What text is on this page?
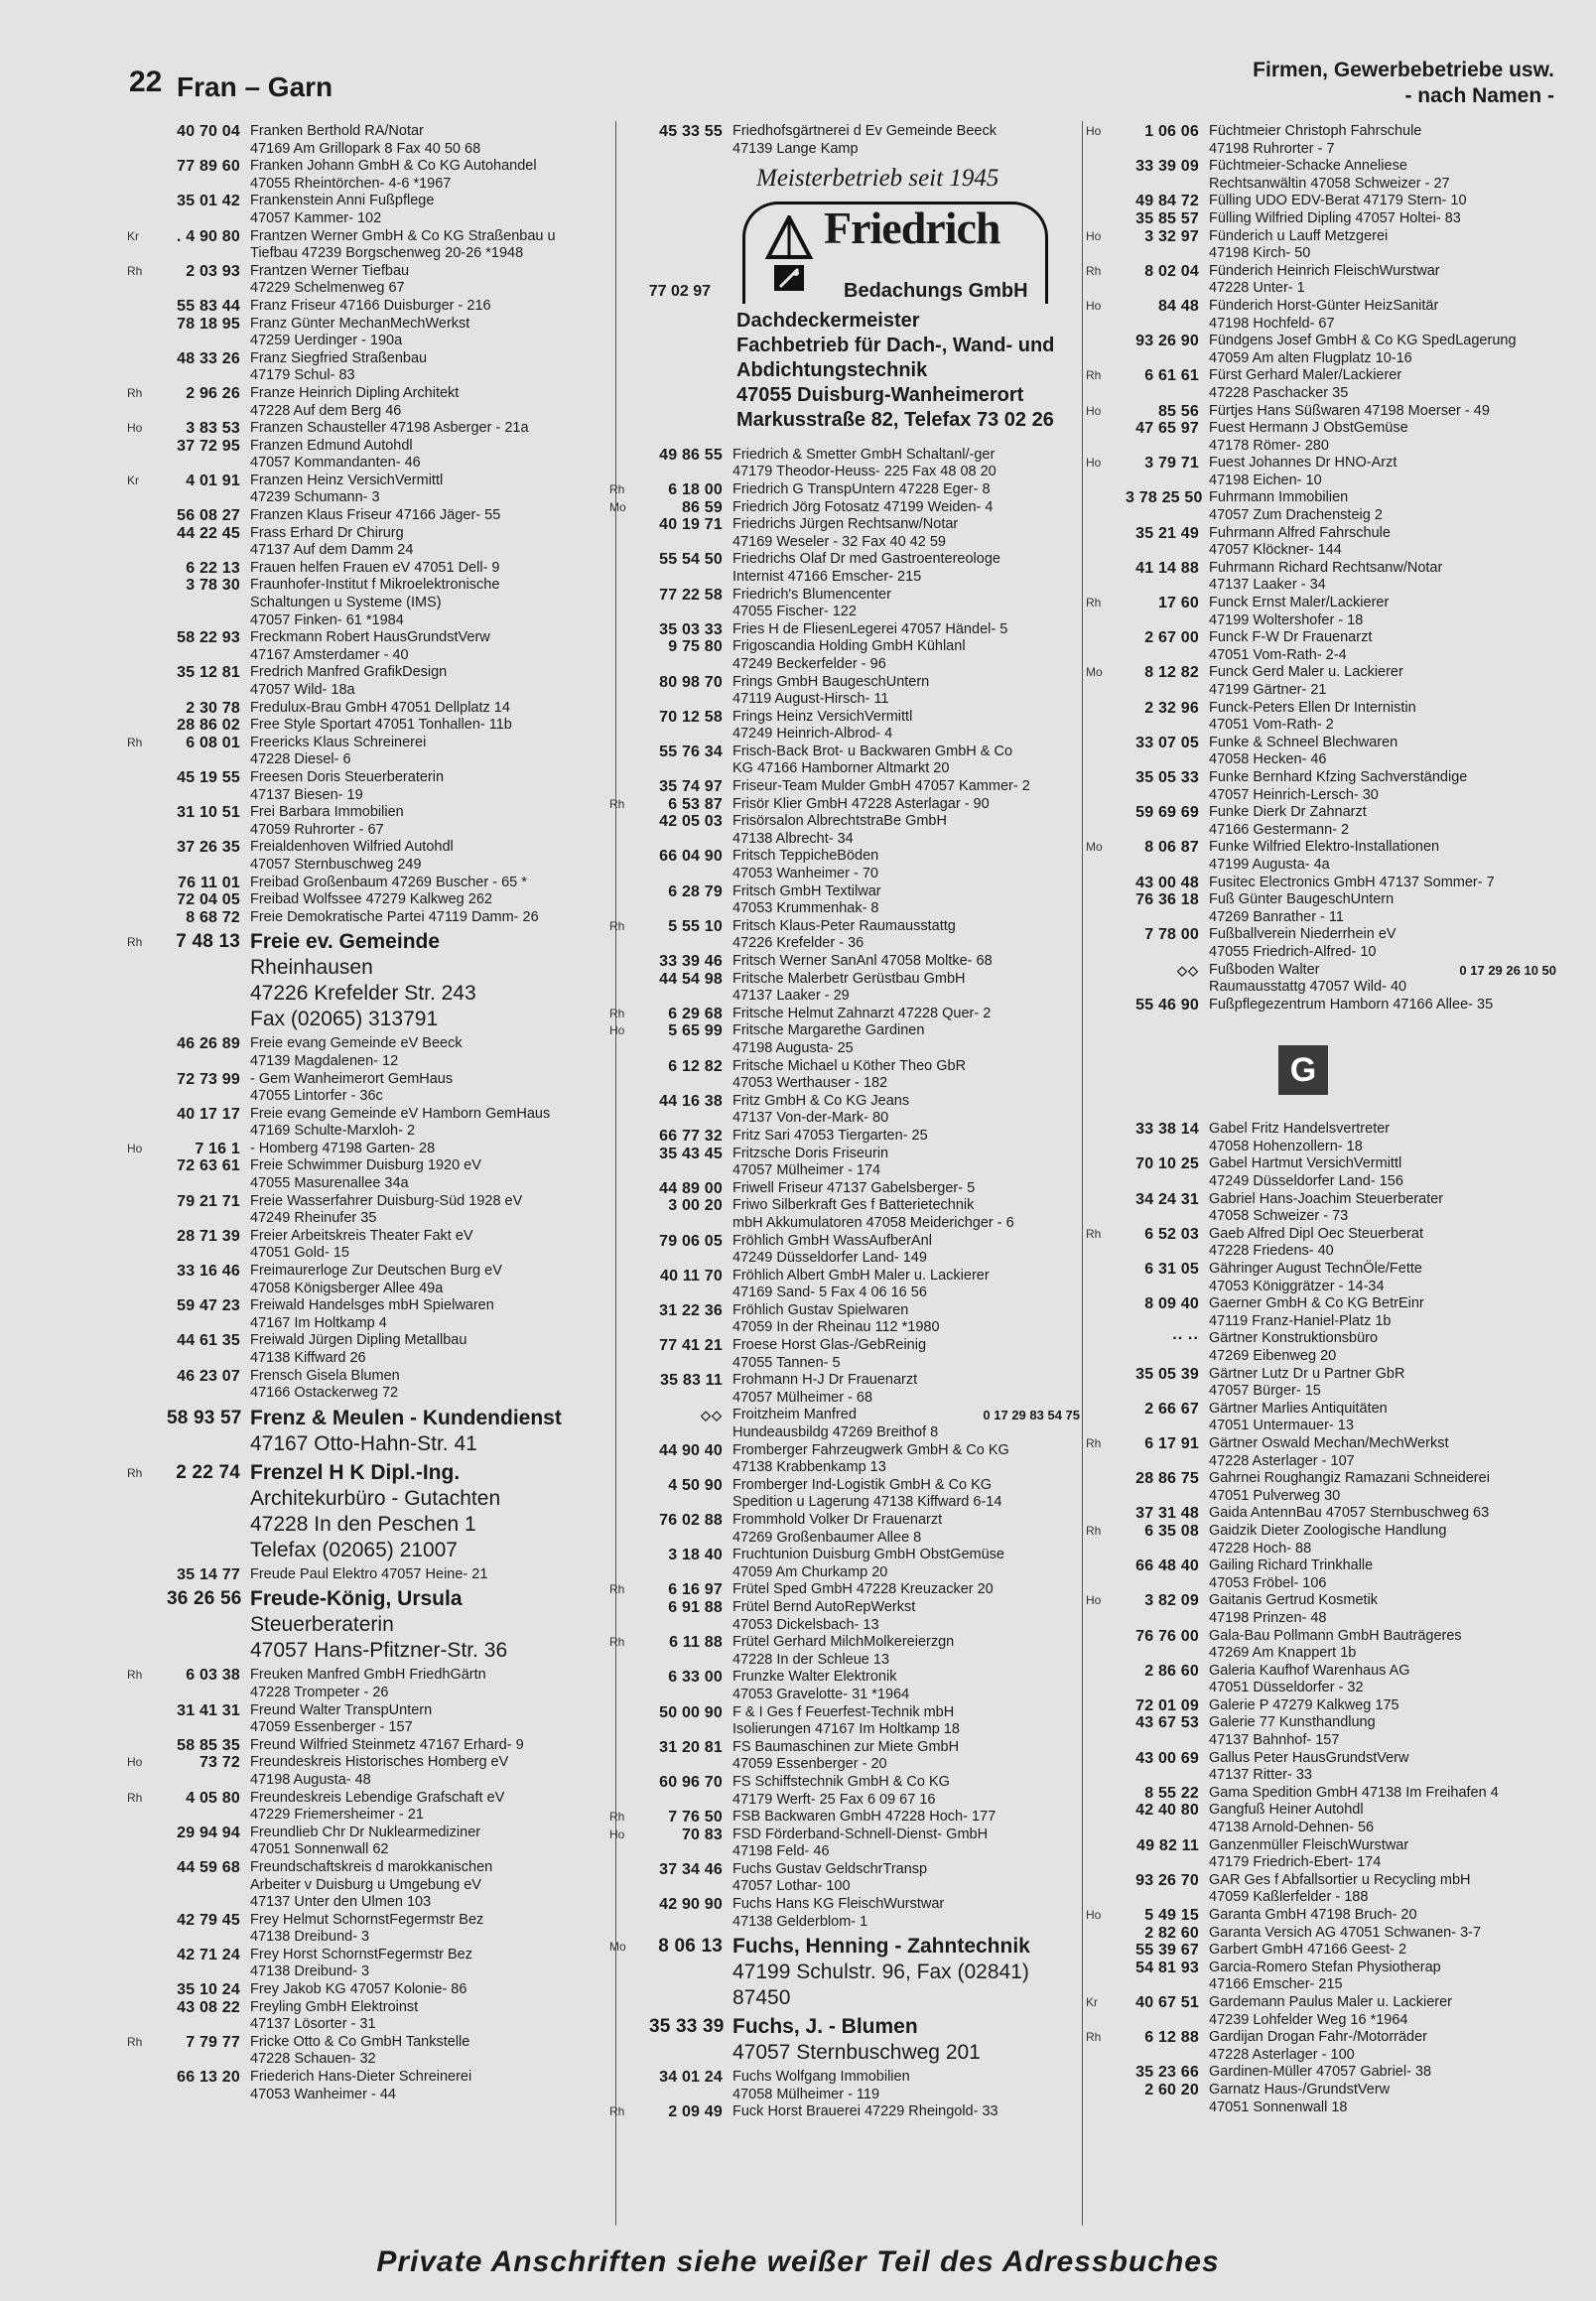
22 Fran – Garn
Firmen, Gewerbebetriebe usw.
- nach Namen -
40 70 04 Franken Berthold RA/Notar
47169 Am Grillopark 8 Fax 40 50 68
77 89 60 Franken Johann GmbH & Co KG Autohandel
47055 Rheintörchen- 4-6 *1967
35 01 42 Frankenstein Anni Fußpflege
47057 Kammer- 102
Kr	. 4 90 80 Frantzen Werner GmbH & Co KG Straßenbau u
Tiefbau 47239 Borgschenweg 20-26 *1948
Rh	2 03 93 Frantzen Werner Tiefbau
47229 Schelmenweg 67
55 83 44 Franz Friseur 47166 Duisburger - 216
78 18 95 Franz Günter MechanMechWerkst
47259 Uerdinger - 190a
48 33 26 Franz Siegfried Straßenbau
47179 Schul- 83
Rh	2 96 26 Franze Heinrich Dipling Architekt
47228 Auf dem Berg 46
Ho	3 83 53 Franzen Schausteller 47198 Asberger - 21a
37 72 95 Franzen Edmund Autohdl
47057 Kommandanten- 46
Kr	4 01 91 Franzen Heinz VersichVermittl
47239 Schumann- 3
56 08 27 Franzen Klaus Friseur 47166 Jäger- 55
44 22 45 Frass Erhard Dr Chirurg
47137 Auf dem Damm 24
6 22 13 Frauen helfen Frauen eV 47051 Dell- 9
3 78 30 Fraunhofer-Institut f Mikroelektronische
Schaltungen u Systeme (IMS)
47057 Finken- 61 *1984
58 22 93 Freckmann Robert HausGrundstVerw
47167 Amsterdamer - 40
35 12 81 Fredrich Manfred GrafikDesign
47057 Wild- 18a
2 30 78 Fredulux-Brau GmbH 47051 Dellplatz 14
28 86 02 Free Style Sportart 47051 Tonhallen- 11b
Rh	6 08 01 Freericks Klaus Schreinerei
47228 Diesel- 6
45 19 55 Freesen Doris Steuerberaterin
47137 Biesen- 19
31 10 51 Frei Barbara Immobilien
47059 Ruhrorter - 67
37 26 35 Freialdenhoven Wilfried Autohdl
47057 Sternbuschweg 249
76 11 01 Freibad Großenbaum 47269 Buscher - 65 *
72 04 05 Freibad Wolfssee 47279 Kalkweg 262
8 68 72 Freie Demokratische Partei 47119 Damm- 26
Rh	7 48 13 Freie ev. Gemeinde
Rheinhausen
47226 Krefelder Str. 243
Fax (02065) 313791
46 26 89 Freie evang Gemeinde eV Beeck
47139 Magdalenen- 12
72 73 99 - Gem Wanheimerort GemHaus
47055 Lintorfer - 36c
40 17 17 Freie evang Gemeinde eV Hamborn GemHaus
47169 Schulte-Marxloh- 2
Ho	7 16 1 - Homberg 47198 Garten- 28
72 63 61 Freie Schwimmer Duisburg 1920 eV
47055 Masurenallee 34a
79 21 71 Freie Wasserfahrer Duisburg-Süd 1928 eV
47249 Rheinufer 35
28 71 39 Freier Arbeitskreis Theater Fakt eV
47051 Gold- 15
33 16 46 Freimaurerloge Zur Deutschen Burg eV
47058 Königsberger Allee 49a
59 47 23 Freiwald Handelsges mbH Spielwaren
47167 Im Holtkamp 4
44 61 35 Freiwald Jürgen Dipling Metallbau
47138 Kiffward 26
46 23 07 Frensch Gisela Blumen
47166 Ostackerweg 72
58 93 57 Frenz & Meulen - Kundendienst
47167 Otto-Hahn-Str. 41
Rh	2 22 74 Frenzel H K Dipl.-Ing.
Architekurbüro - Gutachten
47228 In den Peschen 1
Telefax (02065) 21007
35 14 77 Freude Paul Elektro 47057 Heine- 21
36 26 56 Freude-König, Ursula
Steuerberaterin
47057 Hans-Pfitzner-Str. 36
Rh	6 03 38 Freuken Manfred GmbH FriedhGärtn
47228 Trompeter - 26
31 41 31 Freund Walter TranspUntern
47059 Essenberger - 157
58 85 35 Freund Wilfried Steinmetz 47167 Erhard- 9
Ho	73 72 Freundeskreis Historisches Homberg eV
47198 Augusta- 48
Rh	4 05 80 Freundeskreis Lebendige Grafschaft eV
47229 Friemersheimer - 21
29 94 94 Freundlieb Chr Dr Nuklearmediziner
47051 Sonnenwall 62
44 59 68 Freundschaftskreis d marokkanischen
Arbeiter v Duisburg u Umgebung eV
47137 Unter den Ulmen 103
42 79 45 Frey Helmut SchornstFegermstr Bez
47138 Dreibund- 3
42 71 24 Frey Horst SchornstFegermstr Bez
47138 Dreibund- 3
35 10 24 Frey Jakob KG 47057 Kolonie- 86
43 08 22 Freyling GmbH Elektroinst
47137 Lösorter - 31
Rh	7 79 77 Fricke Otto & Co GmbH Tankstelle
47228 Schauen- 32
66 13 20 Friederich Hans-Dieter Schreinerei
47053 Wanheimer - 44
45 33 55 Friedhofsgärtnerei d Ev Gemeinde Beeck
47139 Lange Kamp
Meisterbetrieb seit 1945
Friedrich
77 02 97	Bedachungs GmbH
Dachdeckermeister
Fachbetrieb für Dach-, Wand- und
Abdichtungstechnik
47055 Duisburg-Wanheimerort
Markusstraße 82, Telefax 73 02 26
49 86 55 Friedrich & Smetter GmbH Schaltanl/-ger
47179 Theodor-Heuss- 225 Fax 48 08 20
Rh	6 18 00 Friedrich G TranspUntern 47228 Eger- 8
Mo	86 59 Friedrich Jörg Fotosatz 47199 Weiden- 4
40 19 71 Friedrichs Jürgen Rechtsanw/Notar
47169 Weseler - 32 Fax 40 42 59
55 54 50 Friedrichs Olaf Dr med Gastroentereologe
Internist 47166 Emscher- 215
77 22 58 Friedrich's Blumencenter
47055 Fischer- 122
35 03 33 Fries H de FliesenLegerei 47057 Händel- 5
9 75 80 Frigoscandia Holding GmbH Kühlanl
47249 Beckerfelder - 96
80 98 70 Frings GmbH BaugeschUntern
47119 August-Hirsch- 11
70 12 58 Frings Heinz VersichVermittl
47249 Heinrich-Albrod- 4
55 76 34 Frisch-Back Brot- u Backwaren GmbH & Co
KG 47166 Hamborner Altmarkt 20
35 74 97 Friseur-Team Mulder GmbH 47057 Kammer- 2
Rh	6 53 87 Frisör Klier GmbH 47228 Asterlagar - 90
42 05 03 Frisörsalon AlbrechtstraBe GmbH
47138 Albrecht- 34
66 04 90 Fritsch TeppicheBöden
47053 Wanheimer - 70
6 28 79 Fritsch GmbH Textilwar
47053 Krummenhak- 8
Rh	5 55 10 Fritsch Klaus-Peter Raumausstattg
47226 Krefelder - 36
33 39 46 Fritsch Werner SanAnl 47058 Moltke- 68
44 54 98 Fritsche Malerbetr Gerüstbau GmbH
47137 Laaker - 29
Rh	6 29 68 Fritsche Helmut Zahnarzt 47228 Quer- 2
Ho	5 65 99 Fritsche Margarethe Gardinen
47198 Augusta- 25
6 12 82 Fritsche Michael u Köther Theo GbR
47053 Werthauser - 182
44 16 38 Fritz GmbH & Co KG Jeans
47137 Von-der-Mark- 80
66 77 32 Fritz Sari 47053 Tiergarten- 25
35 43 45 Fritzsche Doris Friseurin
47057 Mülheimer - 174
44 89 00 Friwell Friseur 47137 Gabelsberger- 5
3 00 20 Friwo Silberkraft Ges f Batterietechnik
mbH Akkumulatoren 47058 Meiderichger - 6
79 06 05 Fröhlich GmbH WassAufberAnl
47249 Düsseldorfer Land- 149
40 11 70 Fröhlich Albert GmbH Maler u. Lackierer
47169 Sand- 5 Fax 4 06 16 56
31 22 36 Fröhlich Gustav Spielwaren
47059 In der Rheinau 112 *1980
77 41 21 Froese Horst Glas-/GebReinig
47055 Tannen- 5
35 83 11 Frohmann H-J Dr Frauenarzt
47057 Mülheimer - 68
◇◇ Froitzheim Manfred
Hundeausbildg 47269 Breithof 8
0 17 29 83 54 75
44 90 40 Fromberger Fahrzeugwerk GmbH & Co KG
47138 Krabbenkamp 13
4 50 90 Fromberger Ind-Logistik GmbH & Co KG
Spedition u Lagerung 47138 Kiffward 6-14
76 02 88 Frommhold Volker Dr Frauenarzt
47269 Großenbaumer Allee 8
3 18 40 Fruchtunion Duisburg GmbH ObstGemüse
47059 Am Churkamp 20
Rh	6 16 97 Frütel Sped GmbH 47228 Kreuzacker 20
6 91 88 Frütel Bernd AutoRepWerkst
47053 Dickelsbach- 13
Rh	6 11 88 Frütel Gerhard MilchMolkereierzgn
47228 In der Schleue 13
6 33 00 Frunzke Walter Elektronik
47053 Gravelotte- 31 *1964
50 00 90 F & I Ges f Feuerfest-Technik mbH
Isolierungen 47167 Im Holtkamp 18
31 20 81 FS Baumaschinen zur Miete GmbH
47059 Essenberger - 20
60 96 70 FS Schiffstechnik GmbH & Co KG
47179 Werft- 25 Fax 6 09 67 16
Rh	7 76 50 FSB Backwaren GmbH 47228 Hoch- 177
Ho	70 83 FSD Förderband-Schnell-Dienst- GmbH
47198 Feld- 46
37 34 46 Fuchs Gustav GeldschrTransp
47057 Lothar- 100
42 90 90 Fuchs Hans KG FleischWurstwar
47138 Gelderblom- 1
Mo	8 06 13 Fuchs, Henning - Zahntechnik
47199 Schulstr. 96, Fax (02841) 87450
35 33 39 Fuchs, J. - Blumen
47057 Sternbuschweg 201
34 01 24 Fuchs Wolfgang Immobilien
47058 Mülheimer - 119
Rh	2 09 49 Fuck Horst Brauerei 47229 Rheingold- 33
Ho	1 06 06 Füchtmeier Christoph Fahrschule
47198 Ruhrorter - 7
33 39 09 Füchtmeier-Schacke Anneliese
Rechtsanwältin 47058 Schweizer - 27
49 84 72 Fülling UDO EDV-Berat 47179 Stern- 10
35 85 57 Fülling Wilfried Dipling 47057 Holtei- 83
Ho	3 32 97 Fünderich u Lauff Metzgerei
47198 Kirch- 50
Rh	8 02 04 Fünderich Heinrich FleischWurstwar
47228 Unter- 1
Ho	84 48 Fünderich Horst-Günter HeizSanitär
47198 Hochfeld- 67
93 26 90 Fündgens Josef GmbH & Co KG SpedLagerung
47059 Am alten Flugplatz 10-16
Rh	6 61 61 Fürst Gerhard Maler/Lackierer
47228 Paschacker 35
Ho	85 56 Fürtjes Hans Süßwaren 47198 Moerser - 49
47 65 97 Fuest Hermann J ObstGemüse
47178 Römer- 280
Ho	3 79 71 Fuest Johannes Dr HNO-Arzt
47198 Eichen- 10
3 78 25 50 Fuhrmann Immobilien
47057 Zum Drachensteig 2
35 21 49 Fuhrmann Alfred Fahrschule
47057 Klöckner- 144
41 14 88 Fuhrmann Richard Rechtsanw/Notar
47137 Laaker - 34
Rh	17 60 Funck Ernst Maler/Lackierer
47199 Woltershofer - 18
2 67 00 Funck F-W Dr Frauenarzt
47051 Vom-Rath- 2-4
Mo	8 12 82 Funck Gerd Maler u. Lackierer
47199 Gärtner- 21
2 32 96 Funck-Peters Ellen Dr Internistin
47051 Vom-Rath- 2
33 07 05 Funke & Schneel Blechwaren
47058 Hecken- 46
35 05 33 Funke Bernhard Kfzing Sachverständige
47057 Heinrich-Lersch- 30
59 69 69 Funke Dierk Dr Zahnarzt
47166 Gestermann- 2
Mo	8 06 87 Funke Wilfried Elektro-Installationen
47199 Augusta- 4a
43 00 48 Fusitec Electronics GmbH 47137 Sommer- 7
76 36 18 Fuß Günter BaugeschUntern
47269 Banrather - 11
7 78 00 Fußballverein Niederrhein eV
47055 Friedrich-Alfred- 10
◇◇ Fußboden Walter
Raumausstattg 47057 Wild- 40
0 17 29 26 10 50
55 46 90 Fußpflegezentrum Hamborn 47166 Allee- 35
G
33 38 14 Gabel Fritz Handelsvertreter
47058 Hohenzollern- 18
70 10 25 Gabel Hartmut VersichVermittl
47249 Düsseldorfer Land- 156
34 24 31 Gabriel Hans-Joachim Steuerberater
47058 Schweizer - 73
Rh	6 52 03 Gaeb Alfred Dipl Oec Steuerberat
47228 Friedens- 40
6 31 05 Gähringer August TechnÖle/Fette
47053 Königgrätzer - 14-34
8 09 40 Gaerner GmbH & Co KG BetrEinr
47119 Franz-Haniel-Platz 1b
·· ·· Gärtner Konstruktionsbüro
47269 Eibenweg 20
35 05 39 Gärtner Lutz Dr u Partner GbR
47057 Bürger- 15
2 66 67 Gärtner Marlies Antiquitäten
47051 Untermauer- 13
Rh	6 17 91 Gärtner Oswald Mechan/MechWerkst
47228 Asterlager - 107
28 86 75 Gahrnei Roughangiz Ramazani Schneiderei
47051 Pulverweg 30
37 31 48 Gaida AntennBau 47057 Sternbuschweg 63
Rh	6 35 08 Gaidzik Dieter Zoologische Handlung
47228 Hoch- 88
66 48 40 Gailing Richard Trinkhalle
47053 Fröbel- 106
Ho	3 82 09 Gaitanis Gertrud Kosmetik
47198 Prinzen- 48
76 76 00 Gala-Bau Pollmann GmbH Bauträgeres
47269 Am Knappert 1b
2 86 60 Galeria Kaufhof Warenhaus AG
47051 Düsseldorfer - 32
72 01 09 Galerie P 47279 Kalkweg 175
43 67 53 Galerie 77 Kunsthandlung
47137 Bahnhof- 157
43 00 69 Gallus Peter HausGrundstVerw
47137 Ritter- 33
8 55 22 Gama Spedition GmbH 47138 Im Freihafen 4
42 40 80 Gangfuß Heiner Autohdl
47138 Arnold-Dehnen- 56
49 82 11 Ganzenmüller FleischWurstwar
47179 Friedrich-Ebert- 174
93 26 70 GAR Ges f Abfallsortier u Recycling mbH
47059 Kaßlerfelder - 188
Ho	5 49 15 Garanta GmbH 47198 Bruch- 20
2 82 60 Garanta Versich AG 47051 Schwanen- 3-7
55 39 67 Garbert GmbH 47166 Geest- 2
54 81 93 Garcia-Romero Stefan Physiotherap
47166 Emscher- 215
Kr	40 67 51 Gardemann Paulus Maler u. Lackierer
47239 Lohfelder Weg 16 *1964
Rh	6 12 88 Gardijan Drogan Fahr-/Motorräder
47228 Asterlager - 100
35 23 66 Gardinen-Müller 47057 Gabriel- 38
2 60 20 Garnatz Haus-/GrundstVerw
47051 Sonnenwall 18
Private Anschriften siehe weißer Teil des Adressbuches
